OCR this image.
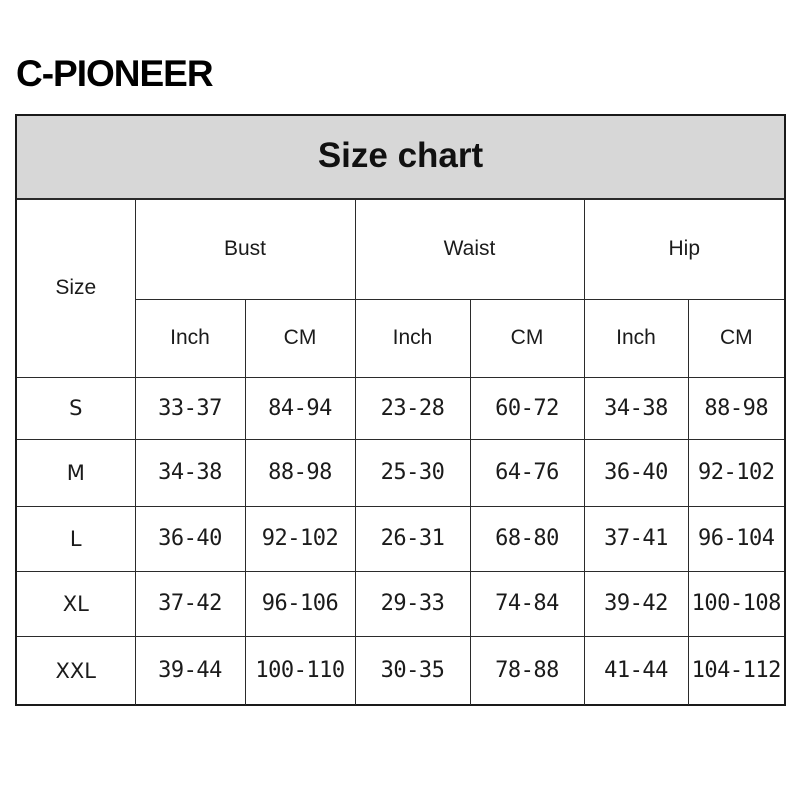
C-PIONEER
Size chart
Size	Bust		Waist		Hip	
	Inch	CM	Inch	CM	Inch	CM
S	33-37	84-94	23-28	60-72	34-38	88-98
M	34-38	88-98	25-30	64-76	36-40	92-102
L	36-40	92-102	26-31	68-80	37-41	96-104
XL	37-42	96-106	29-33	74-84	39-42	100-108
XXL	39-44	100-110	30-35	78-88	41-44	104-112
